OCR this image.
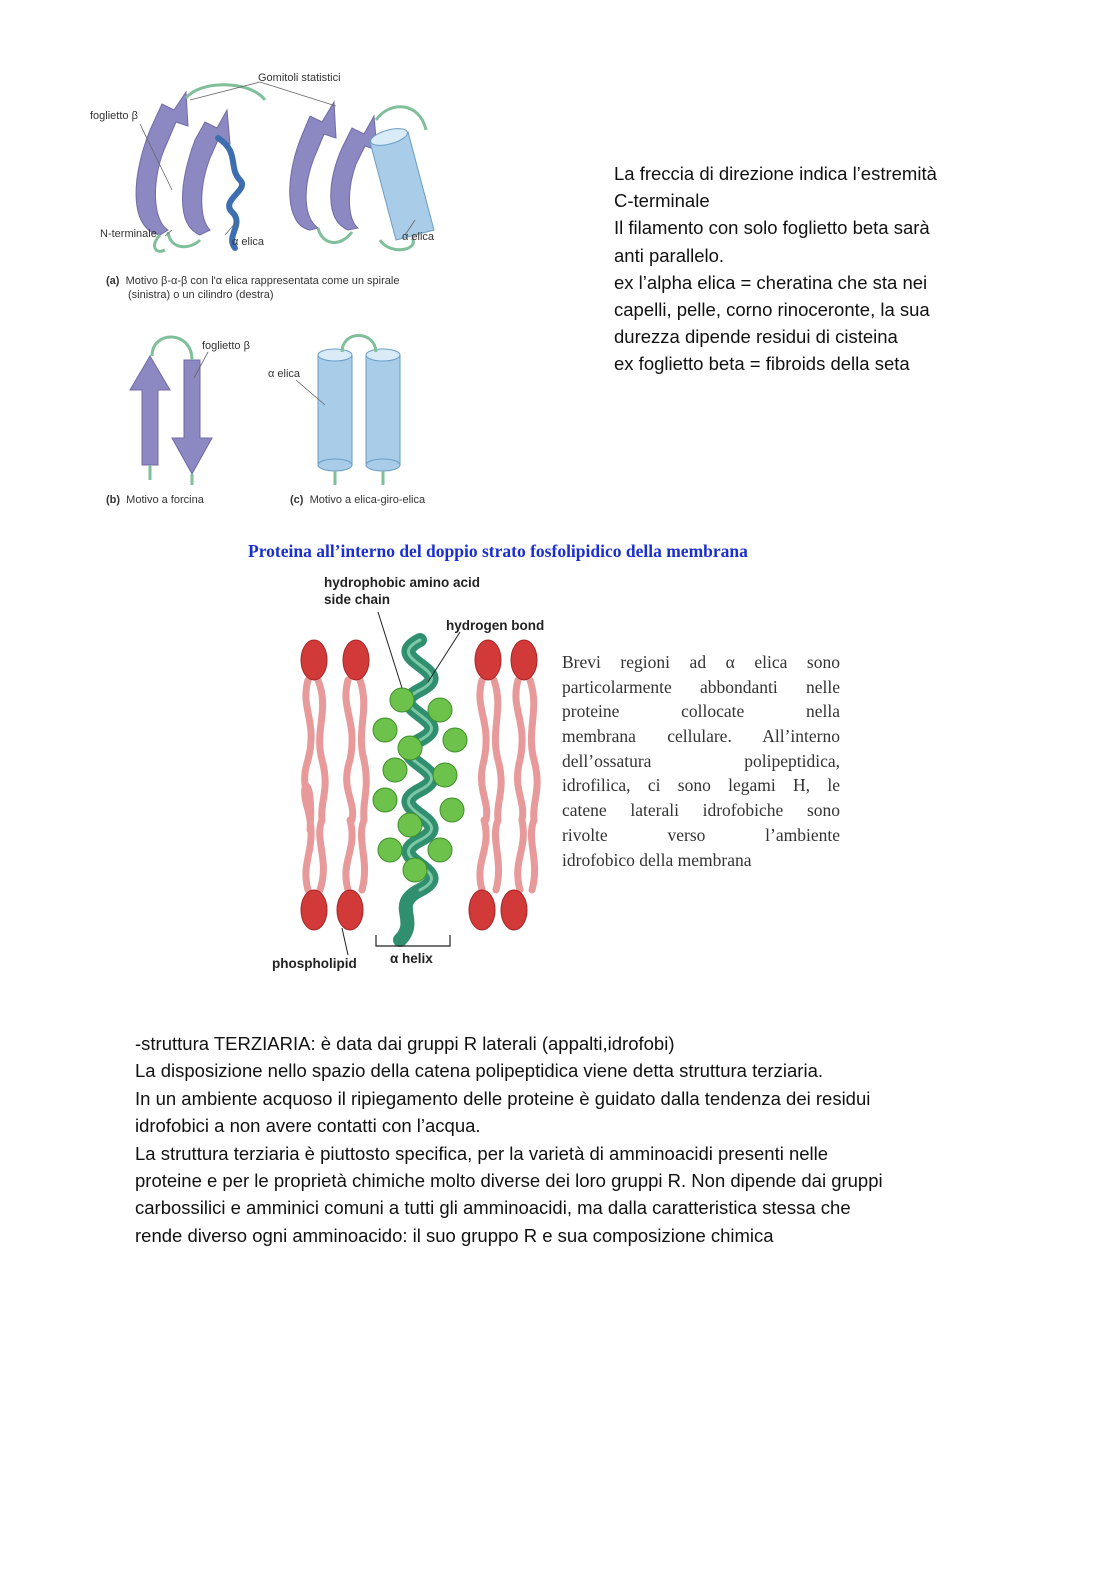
Gomitoli statistici
foglietto β
N-terminale
α elica	α elica
(a) Motivo β-α-β con l'α elica rappresentata come un spirale
(sinistra) o un cilindro (destra)
foglietto β
α elica
(b) Motivo a forcina	(c) Motivo a elica-giro-elica
La freccia di direzione indica l’estremità
C-terminale
Il filamento con solo foglietto beta sarà
anti parallelo.
ex l’alpha elica = cheratina che sta nei
capelli, pelle, corno rinoceronte, la sua
durezza dipende residui di cisteina
ex foglietto beta = fibroids della seta
Proteina all’interno del doppio strato fosfolipidico della membrana
hydrophobic amino acid
side chain
hydrogen bond
phospholipid α helix
Brevi regioni ad α elica sono
particolarmente abbondanti nelle
proteine collocate nella
membrana cellulare. All’interno
dell’ossatura polipeptidica,
idrofilica, ci sono legami H, le
catene laterali idrofobiche sono
rivolte verso l’ambiente
idrofobico della membrana
-struttura TERZIARIA: è data dai gruppi R laterali (appalti,idrofobi)
La disposizione nello spazio della catena polipeptidica viene detta struttura terziaria.
In un ambiente acquoso il ripiegamento delle proteine è guidato dalla tendenza dei residui
idrofobici a non avere contatti con l’acqua.
La struttura terziaria è piuttosto specifica, per la varietà di amminoacidi presenti nelle
proteine e per le proprietà chimiche molto diverse dei loro gruppi R. Non dipende dai gruppi
carbossilici e amminici comuni a tutti gli amminoacidi, ma dalla caratteristica stessa che
rende diverso ogni amminoacido: il suo gruppo R e sua composizione chimica
